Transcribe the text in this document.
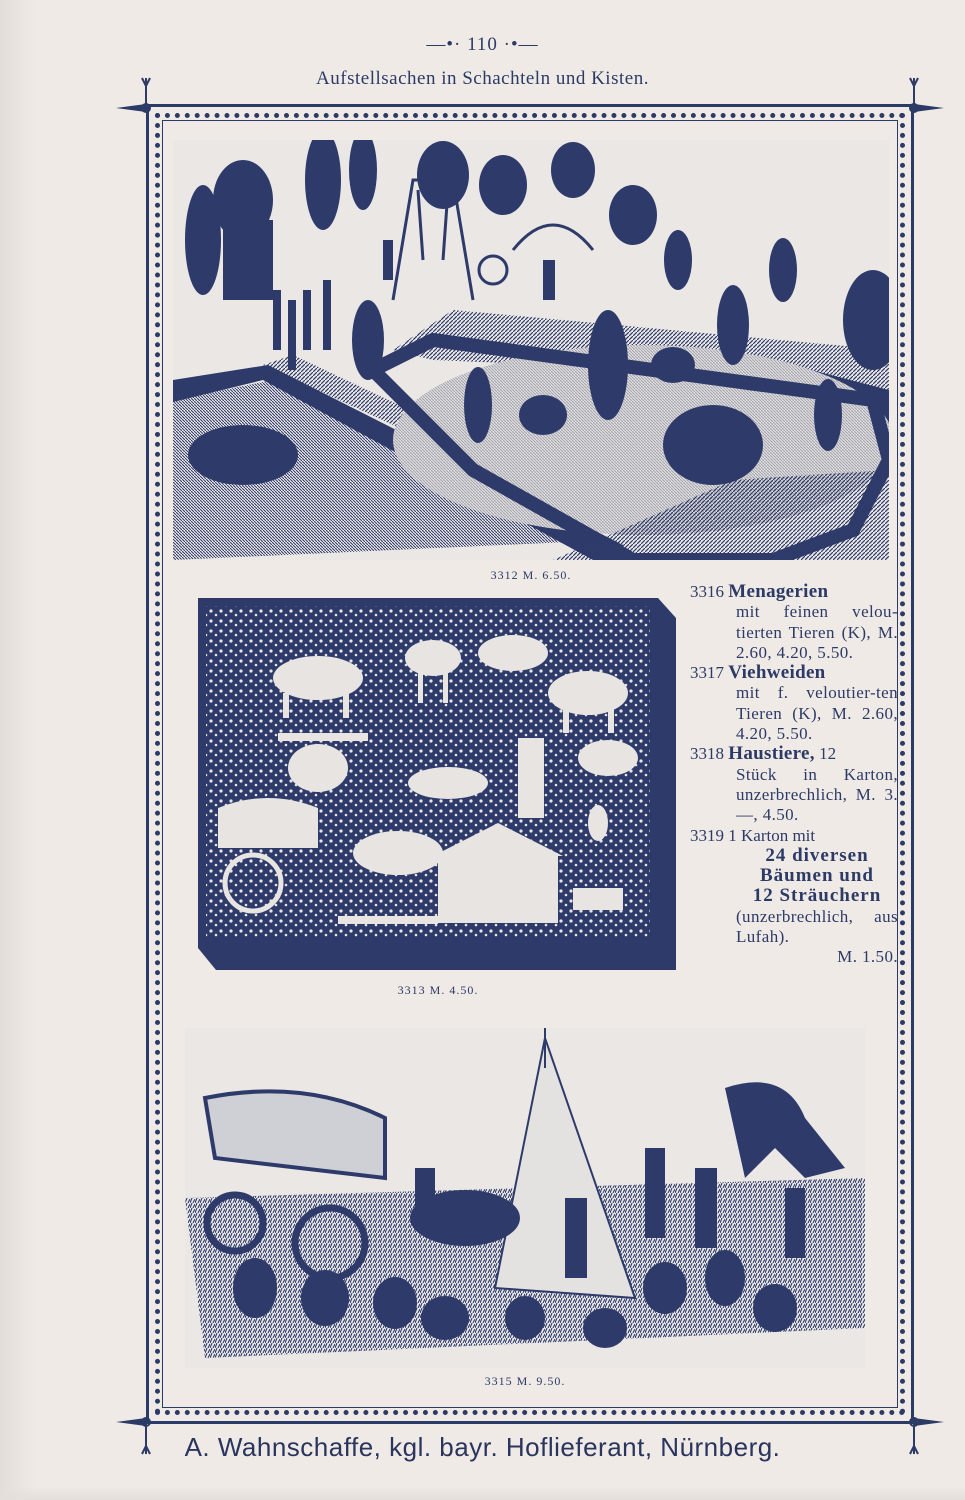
—•· 110 ·•—
Aufstellsachen in Schachteln und Kisten.
3312 M. 6.50.
3313 M. 4.50.
3316 Menagerien
mit feinen velou-tierten Tieren (K), M. 2.60, 4.20, 5.50.
3317 Viehweiden
mit f. veloutier-ten Tieren (K), M. 2.60, 4.20, 5.50.
3318 Haustiere, 12
Stück in Karton, unzerbrechlich, M. 3.—, 4.50.
3319 1 Karton mit
24 diversen
Bäumen und
12 Sträuchern
(unzerbrechlich, aus Lufah).
M. 1.50.
3315 M. 9.50.
A. Wahnschaffe, kgl. bayr. Hoflieferant, Nürnberg.
